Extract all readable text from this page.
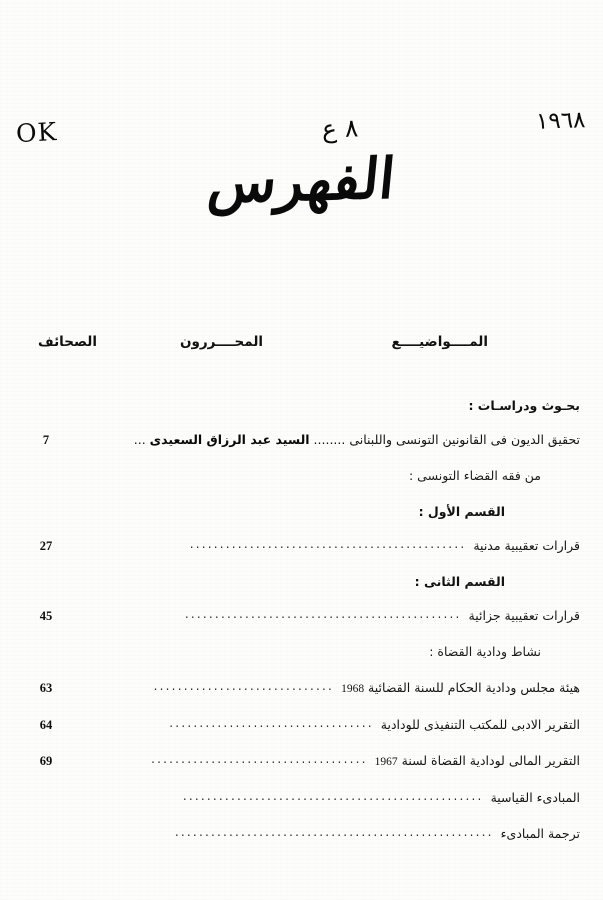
OK	٨ ع	١٩٦٨
الفهرس
المــــواضيــــع
المحــــررون
الصحائف
بحـوث ودراسـات :
تحقيق الديون فى القانونين التونسى واللبنانى ........ السيد عبد الرزاق السعيدى ...
7
من فقه القضاء التونسى :
القسم الأول :
قرارات تعقيبية مدنية
..............................................
27
القسم الثانى :
قرارات تعقيبية جزائية
..............................................
45
نشاط ودادية القضاة :
هيئة مجلس ودادية الحكام للسنة القضائية 1968
..............................
63
التقرير الادبى للمكتب التنفيذى للودادية
..................................
64
التقرير المالى لودادية القضاة لسنة 1967
....................................
69
المبادىء القياسية
..................................................
ترجمة المبادىء
.....................................................
